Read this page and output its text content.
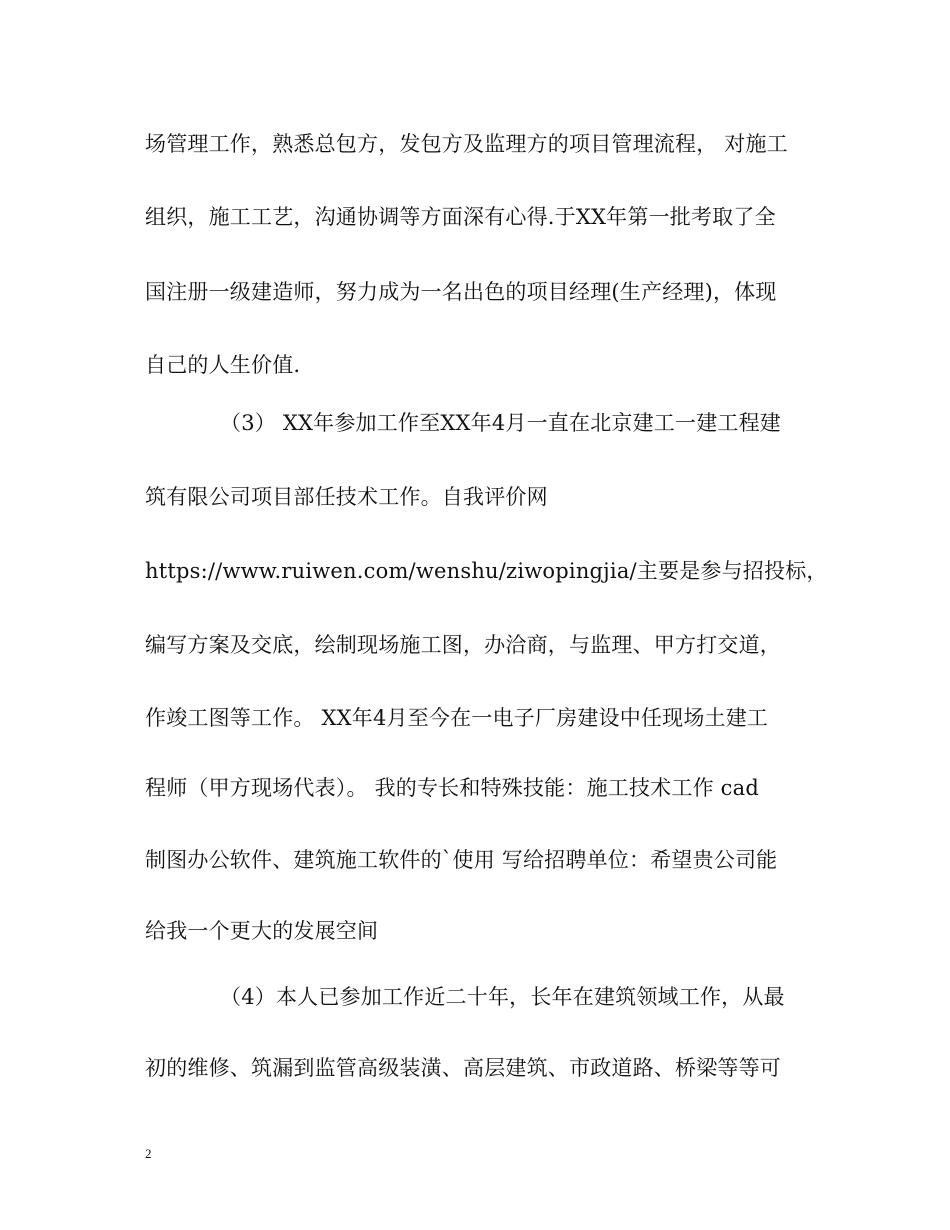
场管理工作，熟悉总包方，发包方及监理方的项目管理流程， 对施工
组织，施工工艺，沟通协调等方面深有心得.于XX年第一批考取了全
国注册一级建造师，努力成为一名出色的项目经理(生产经理)，体现
自己的人生价值.
（3） XX年参加工作至XX年4月一直在北京建工一建工程建
筑有限公司项目部任技术工作。自我评价网
https://www.ruiwen.com/wenshu/ziwopingjia/主要是参与招投标，
编写方案及交底，绘制现场施工图，办洽商，与监理、甲方打交道，
作竣工图等工作。 XX年4月至今在一电子厂房建设中任现场土建工
程师（甲方现场代表）。 我的专长和特殊技能：施工技术工作 cad
制图办公软件、建筑施工软件的`使用 写给招聘单位：希望贵公司能
给我一个更大的发展空间
（4）本人已参加工作近二十年，长年在建筑领域工作，从最
初的维修、筑漏到监管高级装潢、高层建筑、市政道路、桥梁等等可
2
